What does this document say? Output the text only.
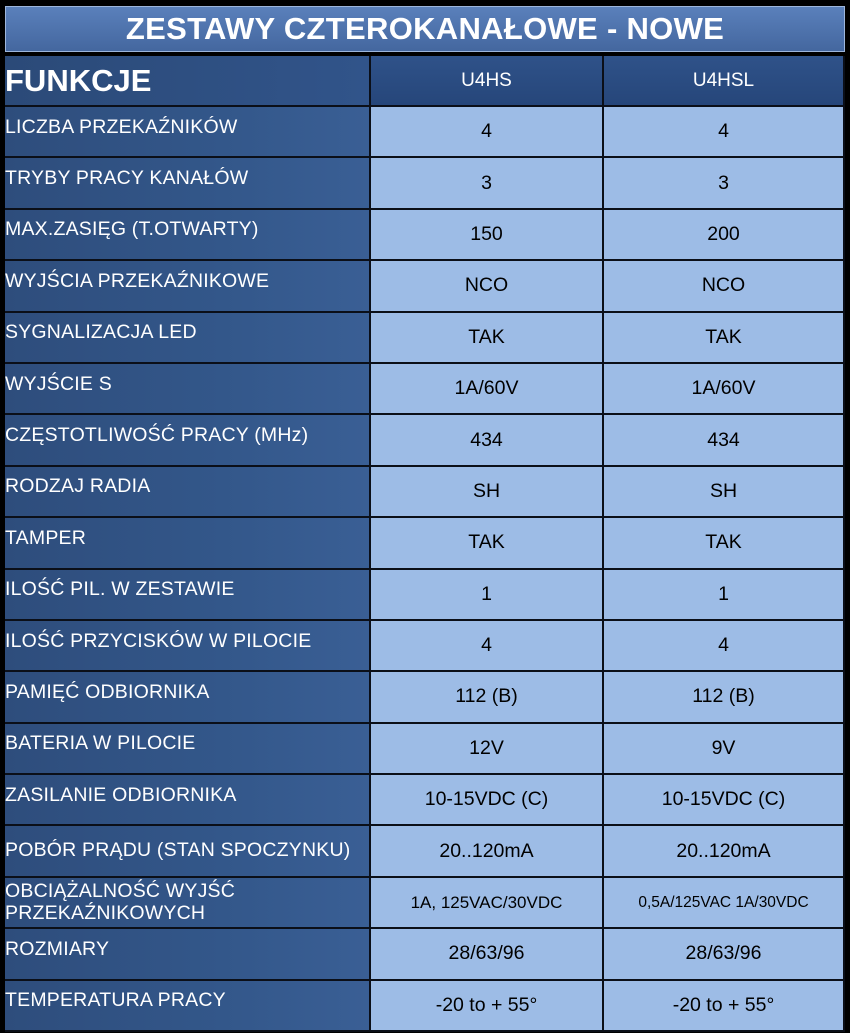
ZESTAWY CZTEROKANAŁOWE - NOWE
FUNKCJE	U4HS	U4HSL

LICZBA PRZEKAŹNIKÓW	4	4

TRYBY PRACY KANAŁÓW	3	3

MAX.ZASIĘG (T.OTWARTY)	150	200

WYJŚCIA PRZEKAŹNIKOWE	NCO	NCO

SYGNALIZACJA LED	TAK	TAK

WYJŚCIE S	1A/60V	1A/60V

CZĘSTOTLIWOŚĆ PRACY (MHz)	434	434

RODZAJ RADIA	SH	SH

TAMPER	TAK	TAK

ILOŚĆ PIL. W ZESTAWIE	1	1

ILOŚĆ PRZYCISKÓW W PILOCIE	4	4

PAMIĘĆ ODBIORNIKA	112 (B)	112 (B)

BATERIA W PILOCIE	12V	9V

ZASILANIE ODBIORNIKA	10-15VDC (C)	10-15VDC (C)

POBÓR PRĄDU (STAN SPOCZYNKU)	20..120mA	20..120mA

OBCIĄŻALNOŚĆ WYJŚĆ PRZEKAŹNIKOWYCH	1A, 125VAC/30VDC	0,5A/125VAC 1A/30VDC

ROZMIARY	28/63/96	28/63/96

TEMPERATURA PRACY	-20 to + 55°	-20 to + 55°
